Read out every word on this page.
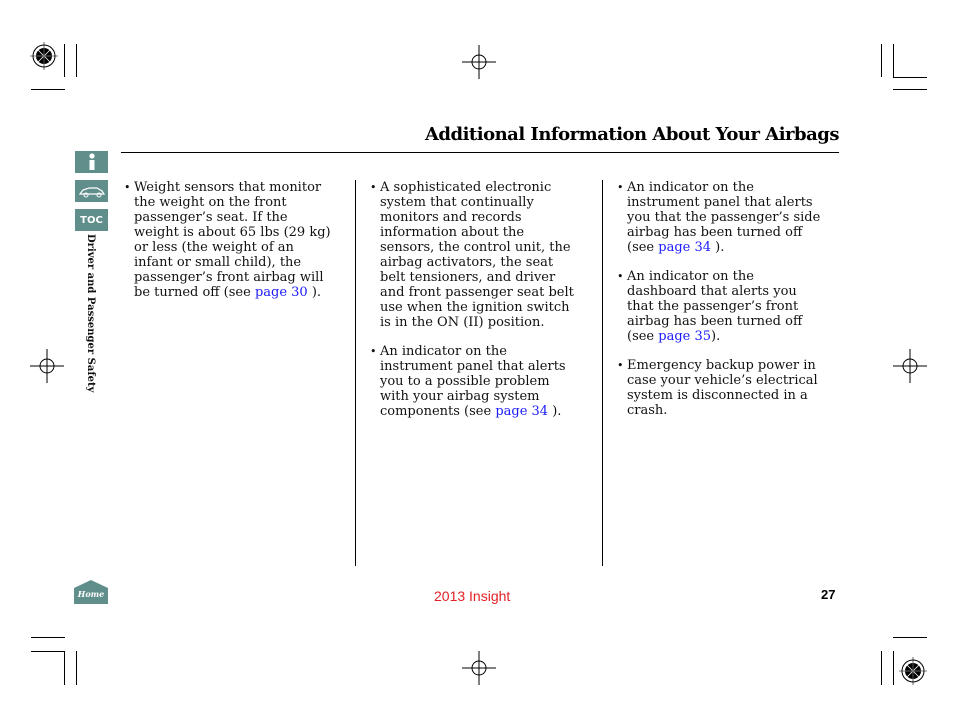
Additional Information About Your Airbags
TOC
Driver and Passenger Safety
• Weight sensors that monitor the weight on the front passenger’s seat. If the weight is about 65 lbs (29 kg) or less (the weight of an infant or small child), the passenger’s front airbag will be turned off (see page 30 ).
• A sophisticated electronic system that continually monitors and records information about the sensors, the control unit, the airbag activators, the seat belt tensioners, and driver and front passenger seat belt use when the ignition switch is in the ON (II) position.
• An indicator on the instrument panel that alerts you to a possible problem with your airbag system components (see page 34 ).
• An indicator on the instrument panel that alerts you that the passenger’s side airbag has been turned off (see page 34 ).
• An indicator on the dashboard that alerts you that the passenger’s front airbag has been turned off (see page 35).
• Emergency backup power in case your vehicle’s electrical system is disconnected in a crash.
Home	2013 Insight	27
